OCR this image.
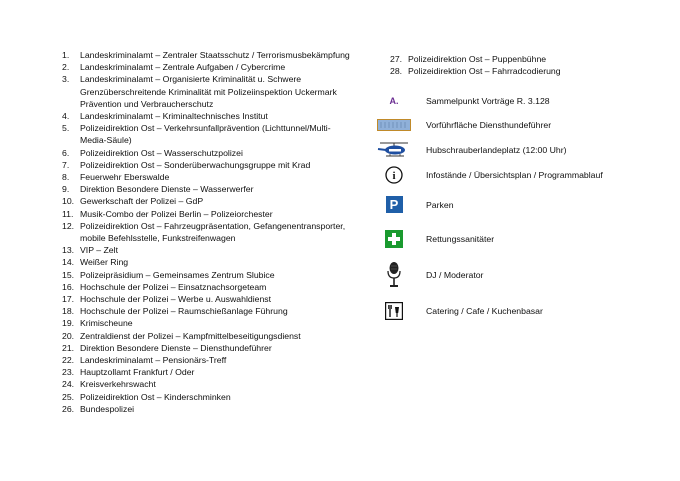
1.	Landeskriminalamt – Zentraler Staatsschutz / Terrorismusbekämpfung
2.	Landeskriminalamt – Zentrale Aufgaben / Cybercrime
3.	Landeskriminalamt – Organisierte Kriminalität u. Schwere Grenzüberschreitende Kriminalität mit Polizeiinspektion Uckermark Prävention und Verbraucherschutz
4.	Landeskriminalamt – Kriminaltechnisches Institut
5.	Polizeidirektion Ost – Verkehrsunfallprävention (Lichttunnel/Multi-Media-Säule)
6.	Polizeidirektion Ost – Wasserschutzpolizei
7.	Polizeidirektion Ost – Sonderüberwachungsgruppe mit Krad
8.	Feuerwehr Eberswalde
9.	Direktion Besondere Dienste – Wasserwerfer
10. Gewerkschaft der Polizei – GdP
11. Musik-Combo der Polizei Berlin – Polizeiorchester
12. Polizeidirektion Ost – Fahrzeugpräsentation, Gefangenentransporter, mobile Befehlsstelle, Funkstreifenwagen
13. VIP – Zelt
14. Weißer Ring
15. Polizeipräsidium – Gemeinsames Zentrum Slubice
16. Hochschule der Polizei – Einsatznachsorgeteam
17. Hochschule der Polizei – Werbe u. Auswahldienst
18. Hochschule der Polizei – Raumschießanlage Führung
19. Krimischeune
20. Zentraldienst der Polizei – Kampfmittelbeseitigungsdienst
21. Direktion Besondere Dienste – Diensthundeführer
22. Landeskriminalamt – Pensionärs-Treff
23. Hauptzollamt Frankfurt / Oder
24. Kreisverkehrswacht
25. Polizeidirektion Ost – Kinderschminken
26. Bundespolizei
27. Polizeidirektion Ost – Puppenbühne
28. Polizeidirektion Ost – Fahrradcodierung
A.	Sammelpunkt Vorträge R. 3.128
Vorführfläche Diensthundeführer
Hubschrauberlandeplatz (12:00 Uhr)
i	Infostände / Übersichtsplan / Programmablauf
P	Parken
Rettungssanitäter
DJ / Moderator
Catering / Cafe / Kuchenbasar
